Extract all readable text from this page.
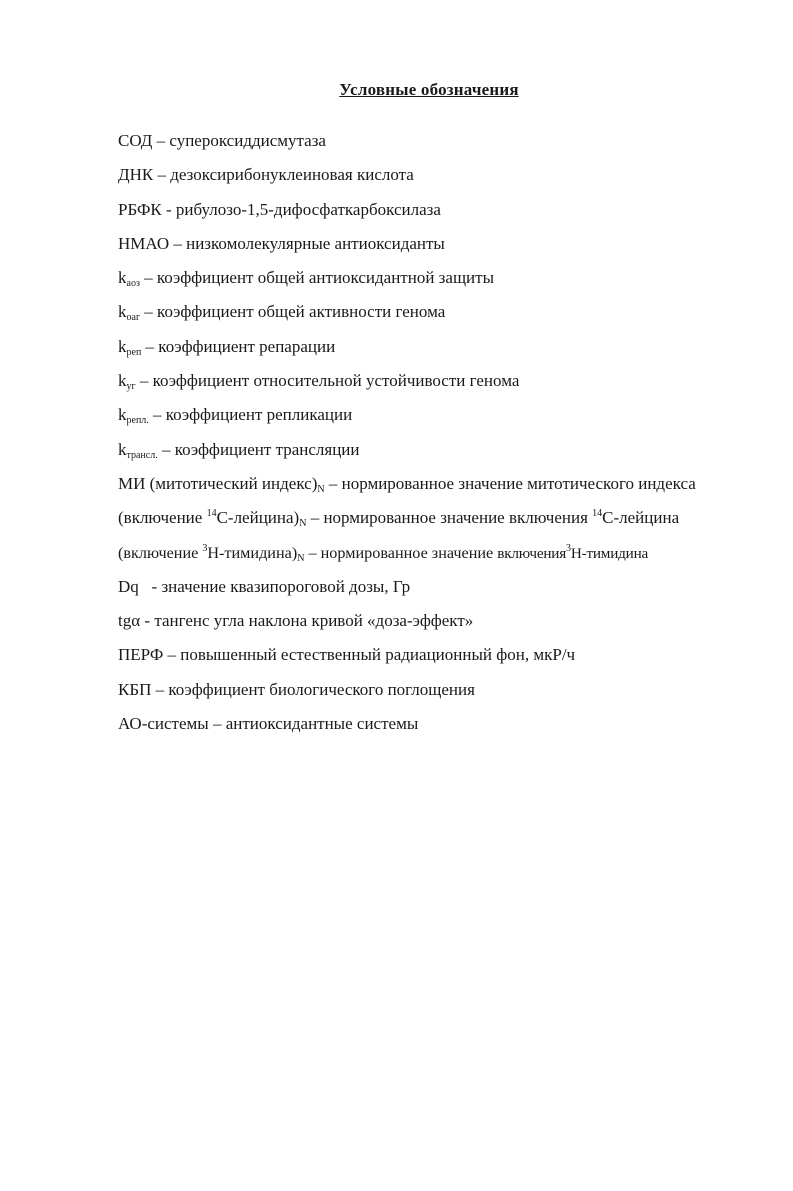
Условные обозначения
СОД – супероксиддисмутаза
ДНК – дезоксирибонуклеиновая кислота
РБФК - рибулозо-1,5-дифосфаткарбоксилаза
НМАО – низкомолекулярные антиоксиданты
$k_{аоз}$ – коэффициент общей антиоксидантной защиты
$k_{оаг}$ – коэффициент общей активности генома
$k_{реп}$ – коэффициент репарации
$k_{уг}$ – коэффициент относительной устойчивости генома
$k_{репл.}$ – коэффициент репликации
$k_{трансл.}$ – коэффициент трансляции
МИ (митотический $индекс)_N$ – нормированное значение митотического индекса
(включение $^{14}С-лейцина)_N$ – нормированное значение включения $^{14}$С-лейцина
(включение $^3Н-тимидина)_N$ – нормированное значение включения$^3$Н-тимидина
Dq   - значение квазипороговой дозы, Гр
tgα - тангенс угла наклона кривой «доза-эффект»
ПЕРФ – повышенный естественный радиационный фон, мкР/ч
КБП – коэффициент биологического поглощения
АО-системы – антиоксидантные системы
